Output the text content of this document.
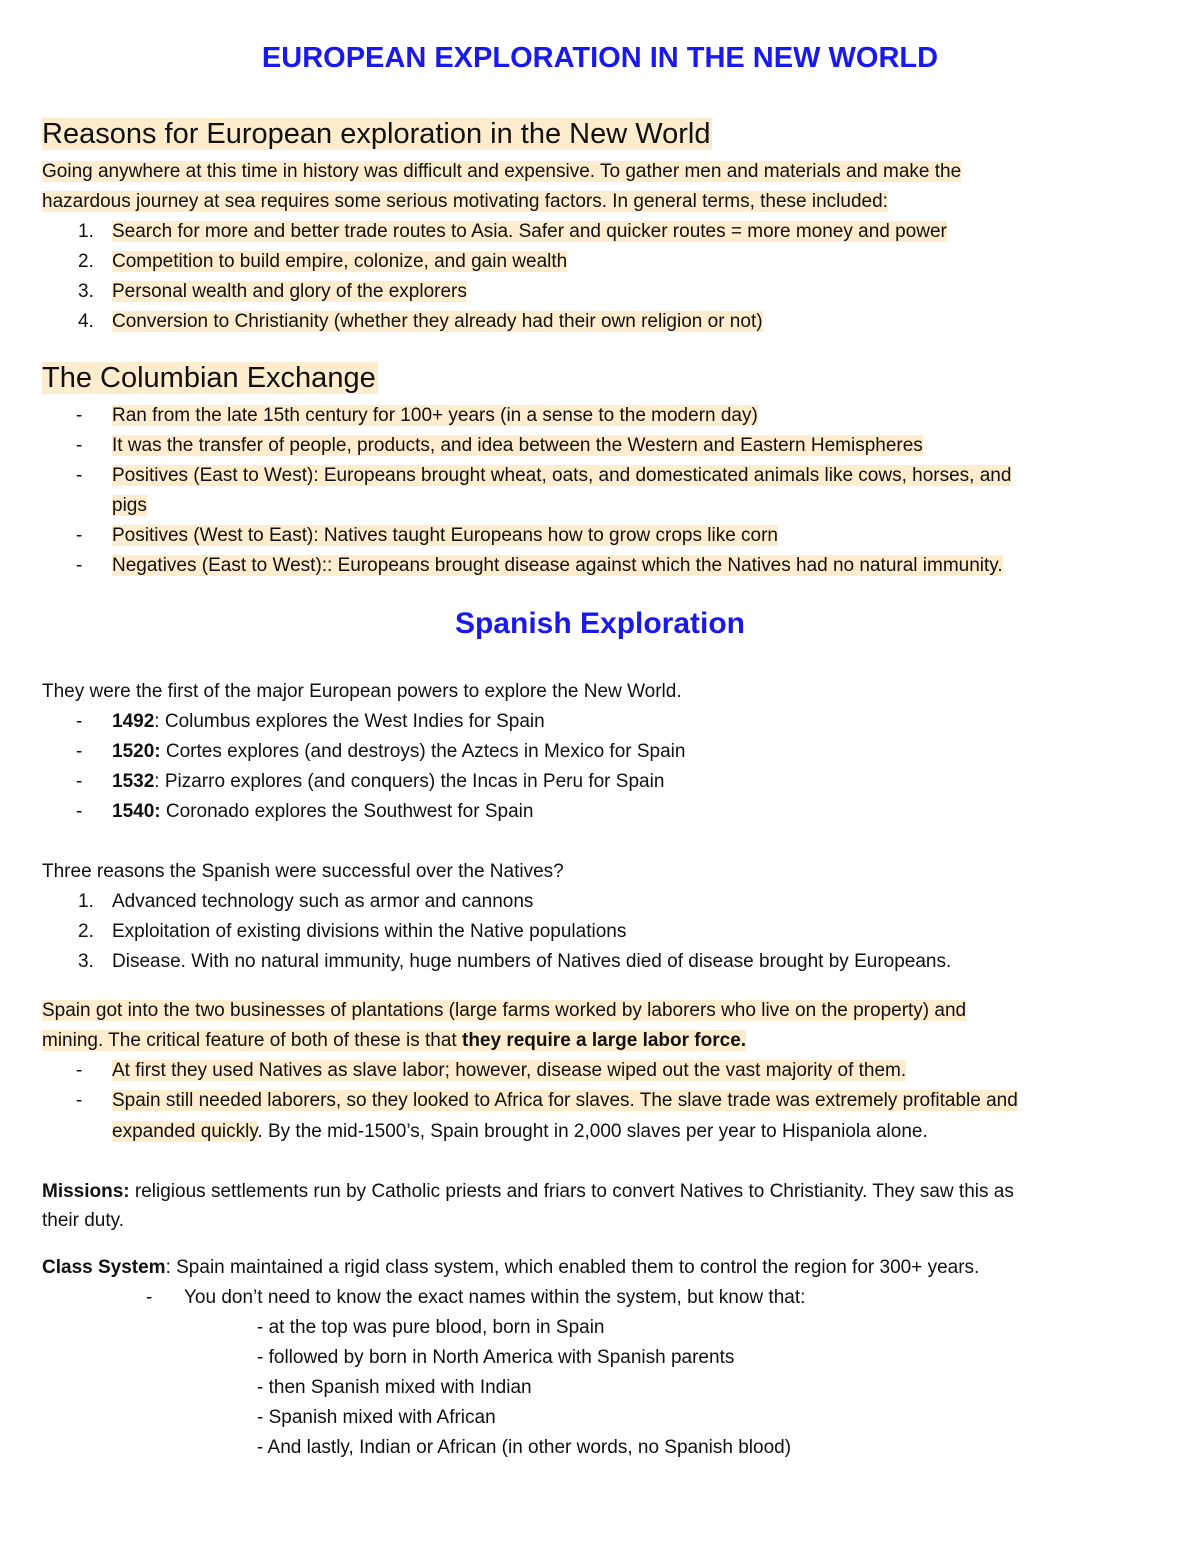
EUROPEAN EXPLORATION IN THE NEW WORLD
Reasons for European exploration in the New World
Going anywhere at this time in history was difficult and expensive. To gather men and materials and make the
hazardous journey at sea requires some serious motivating factors. In general terms, these included:
1. Search for more and better trade routes to Asia. Safer and quicker routes = more money and power
2. Competition to build empire, colonize, and gain wealth
3. Personal wealth and glory of the explorers
4. Conversion to Christianity (whether they already had their own religion or not)
The Columbian Exchange
- Ran from the late 15th century for 100+ years (in a sense to the modern day)
- It was the transfer of people, products, and idea between the Western and Eastern Hemispheres
- Positives (East to West): Europeans brought wheat, oats, and domesticated animals like cows, horses, and
pigs
- Positives (West to East): Natives taught Europeans how to grow crops like corn
- Negatives (East to West):: Europeans brought disease against which the Natives had no natural immunity.
Spanish Exploration
They were the first of the major European powers to explore the New World.
- 1492: Columbus explores the West Indies for Spain
- 1520: Cortes explores (and destroys) the Aztecs in Mexico for Spain
- 1532: Pizarro explores (and conquers) the Incas in Peru for Spain
- 1540: Coronado explores the Southwest for Spain
Three reasons the Spanish were successful over the Natives?
1. Advanced technology such as armor and cannons
2. Exploitation of existing divisions within the Native populations
3. Disease. With no natural immunity, huge numbers of Natives died of disease brought by Europeans.
Spain got into the two businesses of plantations (large farms worked by laborers who live on the property) and
mining. The critical feature of both of these is that they require a large labor force.
- At first they used Natives as slave labor; however, disease wiped out the vast majority of them.
- Spain still needed laborers, so they looked to Africa for slaves. The slave trade was extremely profitable and
expanded quickly. By the mid-1500’s, Spain brought in 2,000 slaves per year to Hispaniola alone.
Missions: religious settlements run by Catholic priests and friars to convert Natives to Christianity. They saw this as
their duty.
Class System: Spain maintained a rigid class system, which enabled them to control the region for 300+ years.
- You don’t need to know the exact names within the system, but know that:
- at the top was pure blood, born in Spain
- followed by born in North America with Spanish parents
- then Spanish mixed with Indian
- Spanish mixed with African
- And lastly, Indian or African (in other words, no Spanish blood)
